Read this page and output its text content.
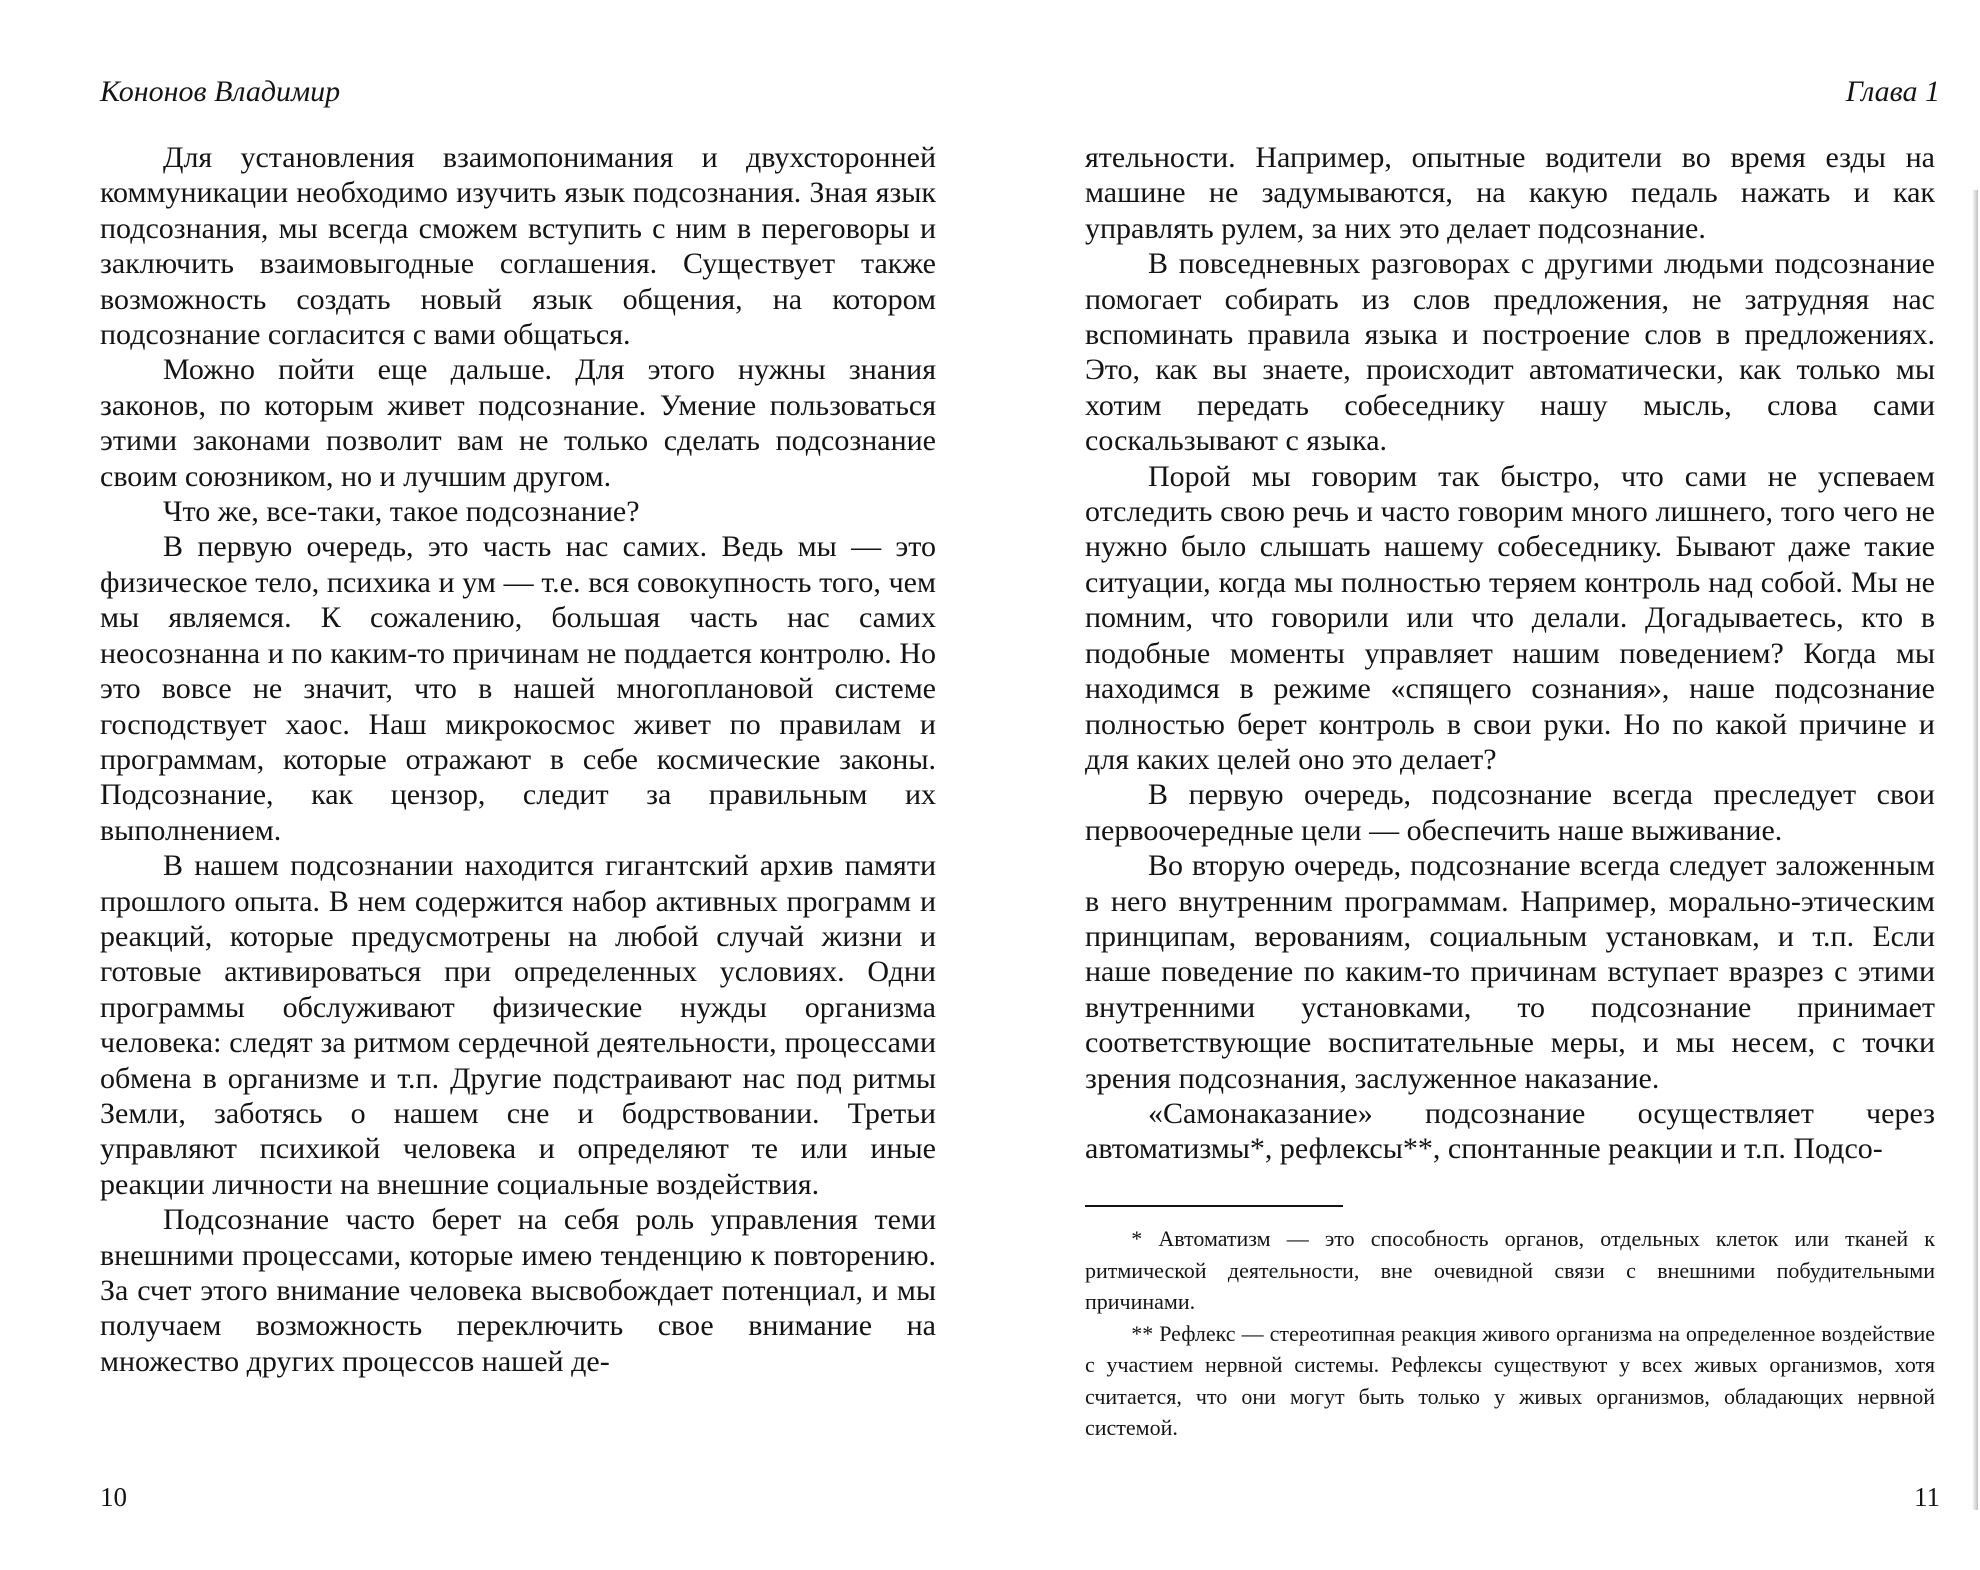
Кононов Владимир

Для установления взаимопонимания и двухсторонней коммуникации необходимо изучить язык подсознания. Зная язык подсознания, мы всегда сможем вступить с ним в переговоры и заключить взаимовыгодные соглашения. Существует также возможность создать новый язык общения, на котором подсознание согласится с вами общаться.

Можно пойти еще дальше. Для этого нужны знания законов, по которым живет подсознание. Умение пользоваться этими законами позволит вам не только сделать подсознание своим союзником, но и лучшим другом.

Что же, все-таки, такое подсознание?

В первую очередь, это часть нас самих. Ведь мы — это физическое тело, психика и ум — т.е. вся совокупность того, чем мы являемся. К сожалению, большая часть нас самих неосознанна и по каким-то причинам не поддается контролю. Но это вовсе не значит, что в нашей многоплановой системе господствует хаос. Наш микрокосмос живет по правилам и программам, которые отражают в себе космические законы. Подсознание, как цензор, следит за правильным их выполнением.

В нашем подсознании находится гигантский архив памяти прошлого опыта. В нем содержится набор активных программ и реакций, которые предусмотрены на любой случай жизни и готовые активироваться при определенных условиях. Одни программы обслуживают физические нужды организма человека: следят за ритмом сердечной деятельности, процессами обмена в организме и т.п. Другие подстраивают нас под ритмы Земли, заботясь о нашем сне и бодрствовании. Третьи управляют психикой человека и определяют те или иные реакции личности на внешние социальные воздействия.

Подсознание часто берет на себя роль управления теми внешними процессами, которые имею тенденцию к повторению. За счет этого внимание человека высвобождает потенциал, и мы получаем возможность переключить свое внимание на множество других процессов нашей де-

10
Глава 1

ятельности. Например, опытные водители во время езды на машине не задумываются, на какую педаль нажать и как управлять рулем, за них это делает подсознание.

В повседневных разговорах с другими людьми подсознание помогает собирать из слов предложения, не затрудняя нас вспоминать правила языка и построение слов в предложениях. Это, как вы знаете, происходит автоматически, как только мы хотим передать собеседнику нашу мысль, слова сами соскальзывают с языка.

Порой мы говорим так быстро, что сами не успеваем отследить свою речь и часто говорим много лишнего, того чего не нужно было слышать нашему собеседнику. Бывают даже такие ситуации, когда мы полностью теряем контроль над собой. Мы не помним, что говорили или что делали. Догадываетесь, кто в подобные моменты управляет нашим поведением? Когда мы находимся в режиме «спящего сознания», наше подсознание полностью берет контроль в свои руки. Но по какой причине и для каких целей оно это делает?

В первую очередь, подсознание всегда преследует свои первоочередные цели — обеспечить наше выживание.

Во вторую очередь, подсознание всегда следует заложенным в него внутренним программам. Например, морально-этическим принципам, верованиям, социальным установкам, и т.п. Если наше поведение по каким-то причинам вступает вразрез с этими внутренними установками, то подсознание принимает соответствующие воспитательные меры, и мы несем, с точки зрения подсознания, заслуженное наказание.

«Самонаказание» подсознание осуществляет через автоматизмы*, рефлексы**, спонтанные реакции и т.п. Подсо-

* Автоматизм — это способность органов, отдельных клеток или тканей к ритмической деятельности, вне очевидной связи с внешними побудительными причинами.

** Рефлекс — стереотипная реакция живого организма на определенное воздействие с участием нервной системы. Рефлексы существуют у всех живых организмов, хотя считается, что они могут быть только у живых организмов, обладающих нервной системой.

11
